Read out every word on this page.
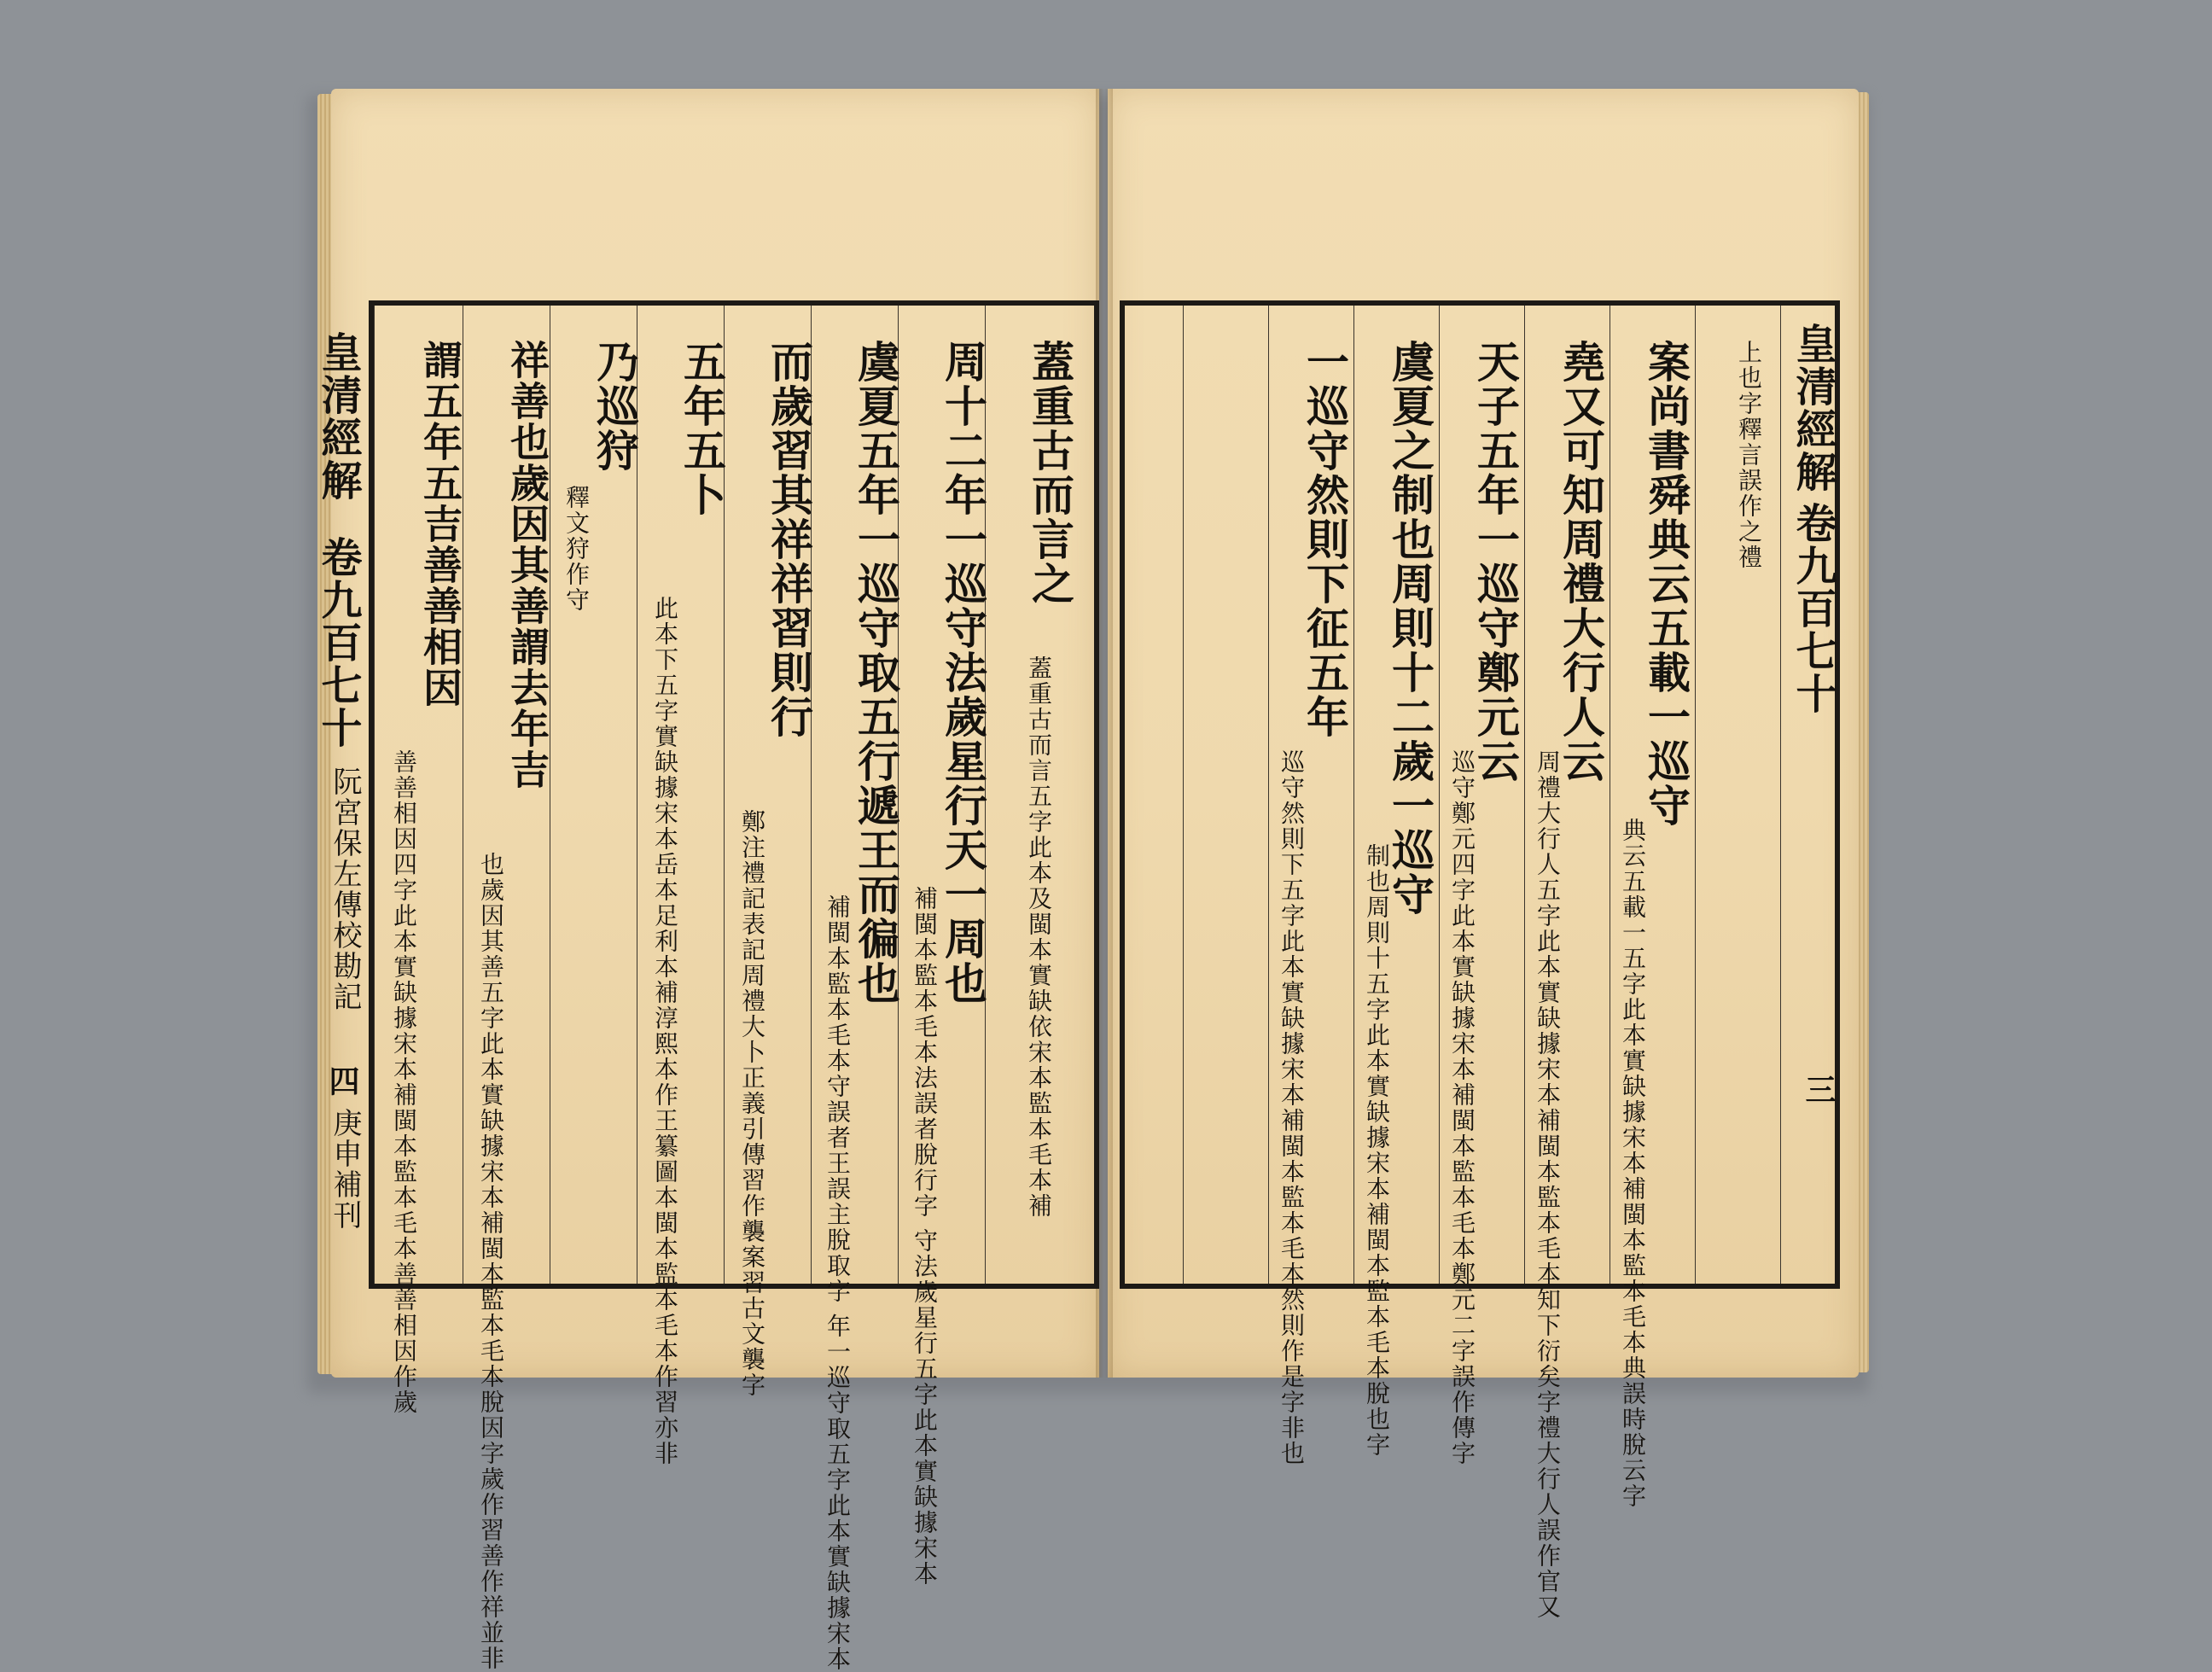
皇清經解
卷九百七十
阮宮保左傳校勘記
四
庚申補刊
蓋重古而言之
蓋重古而言五字此本及閩本實缺依宋本監本毛本補
周十二年一巡守法歲星行天一周也
補閩本監本毛本法誤者脫行字 守法歲星行五字此本實缺據宋本
虞夏五年一巡守取五行遞王而徧也
補閩本監本毛本守誤者王誤主脫取字 年一巡守取五字此本實缺據宋本
而歲習其祥祥習則行
鄭注禮記表記周禮大卜正義引傳習作襲案習古文襲字
五年五卜
此本下五字實缺據宋本岳本足利本補淳熙本作王纂圖本閩本監本毛本作習亦非
乃巡狩
釋文狩作守
祥善也歲因其善謂去年吉
也歲因其善五字此本實缺據宋本補閩本監本毛本脫因字歲作習善作祥並非
謂五年五吉善善相因
善善相因四字此本實缺據宋本補閩本監本毛本善善相因作歲
皇清經解
卷九百七十
三
上也字釋言誤作之禮
案尚書舜典云五載一巡守
典云五載一五字此本實缺據宋本補閩本監本毛本典誤時脫云字
堯又可知周禮大行人云
周禮大行人五字此本實缺據宋本補閩本監本毛本知下衍矣字禮大行人誤作官又
天子五年一巡守鄭元云
巡守鄭元四字此本實缺據宋本補閩本監本毛本鄭元二字誤作傳字
虞夏之制也周則十二歲一巡守
制也周則十五字此本實缺據宋本補閩本監本毛本脫也字
一巡守然則下征五年
巡守然則下五字此本實缺據宋本補閩本監本毛本然則作是字非也
